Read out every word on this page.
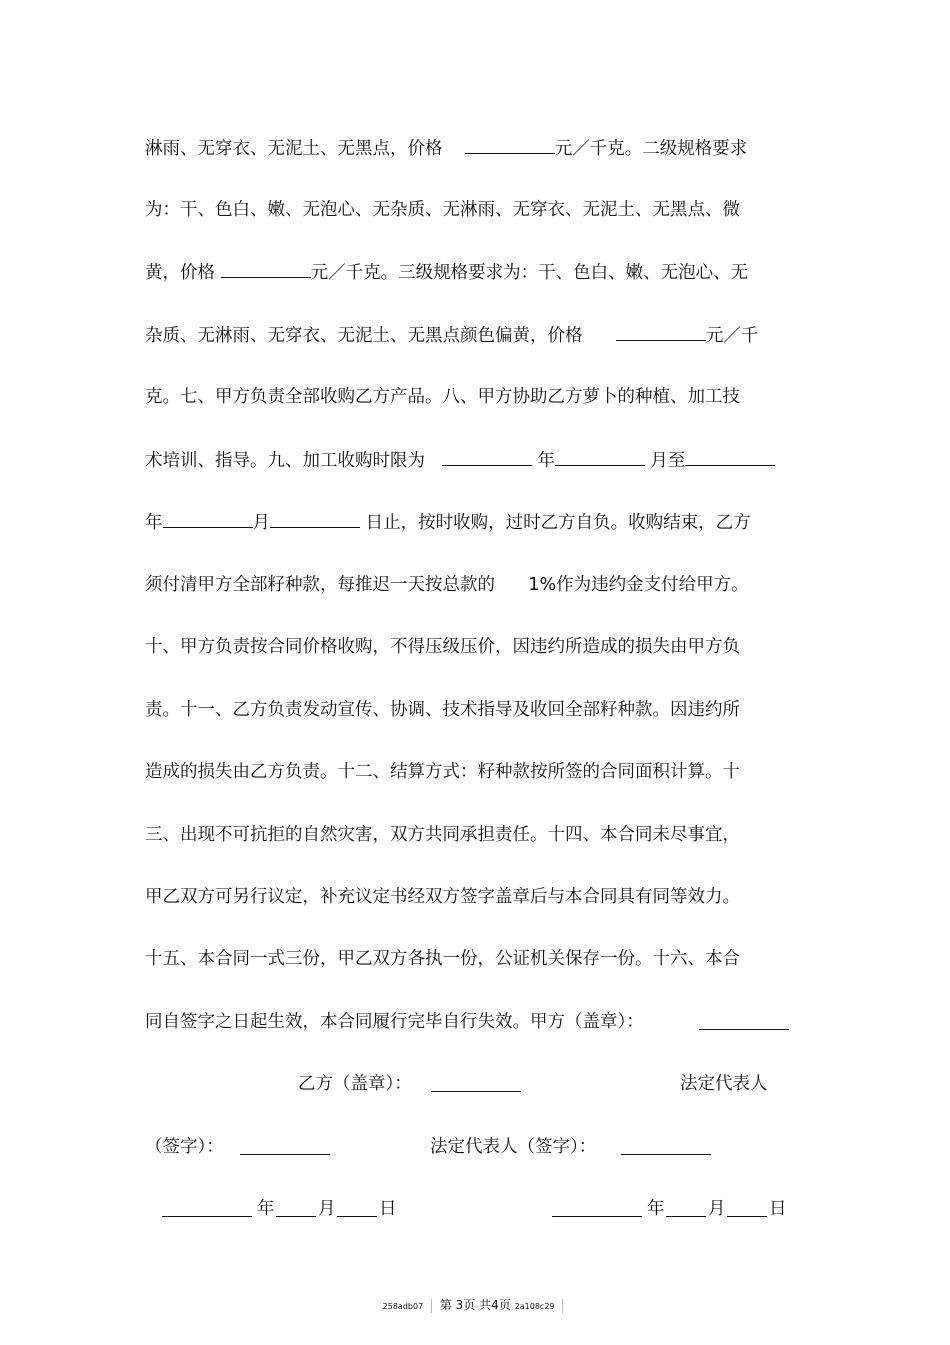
淋雨、无穿衣、无泥土、无黑点，价格	元／千克。二级规格要求
为：干、色白、嫩、无泡心、无杂质、无淋雨、无穿衣、无泥土、无黑点、微
黄，价格	元／千克。三级规格要求为：干、色白、嫩、无泡心、无
杂质、无淋雨、无穿衣、无泥土、无黑点颜色偏黄，价格	元／千
克。七、甲方负责全部收购乙方产品。八、甲方协助乙方萝卜的种植、加工技
术培训、指导。九、加工收购时限为	年	月至
年	月	日止，按时收购，过时乙方自负。收购结束，乙方
须付清甲方全部籽种款，每推迟一天按总款的 1%作为违约金支付给甲方。
十、甲方负责按合同价格收购，不得压级压价，因违约所造成的损失由甲方负
责。十一、乙方负责发动宣传、协调、技术指导及收回全部籽种款。因违约所
造成的损失由乙方负责。十二、结算方式：籽种款按所签的合同面积计算。十
三、出现不可抗拒的自然灾害，双方共同承担责任。十四、本合同未尽事宜，
甲乙双方可另行议定，补充议定书经双方签字盖章后与本合同具有同等效力。
十五、本合同一式三份，甲乙双方各执一份，公证机关保存一份。十六、本合
同自签字之日起生效，本合同履行完毕自行失效。甲方（盖章）：
乙方（盖章）：	法定代表人
（签字）：	法定代表人（签字）：
年 月 日	年 月 日
258adb07 第 3页 共4页 2a108c29
